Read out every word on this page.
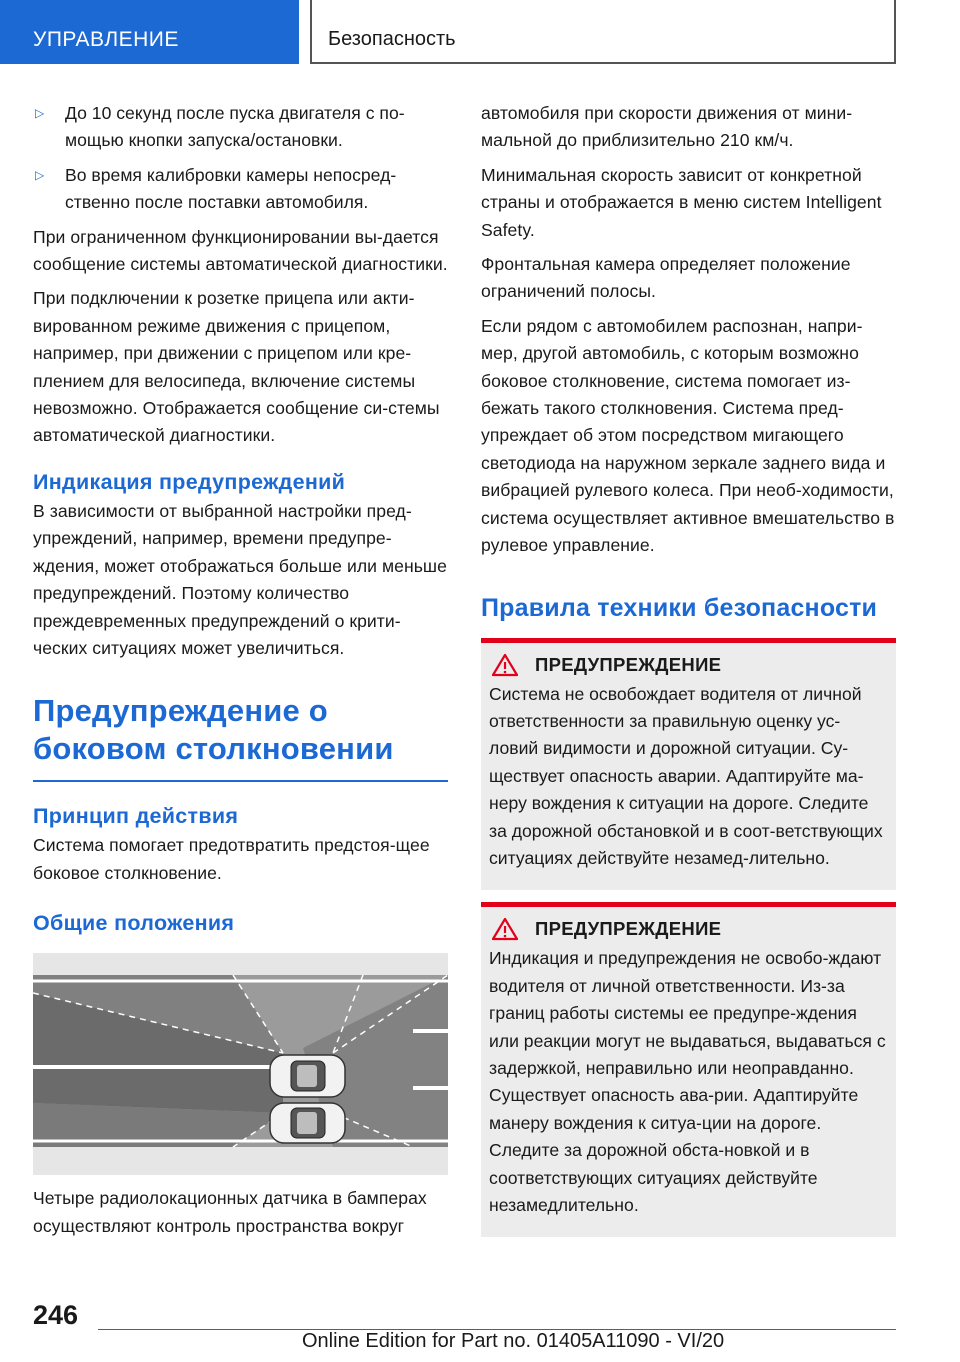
УПРАВЛЕНИЕ	Безопасность
▷ До 10 секунд после пуска двигателя с по-мощью кнопки запуска/остановки.
▷ Во время калибровки камеры непосред-ственно после поставки автомобиля.

При ограниченном функционировании вы-дается сообщение системы автоматической диагностики.

При подключении к розетке прицепа или акти-вированном режиме движения с прицепом, например, при движении с прицепом или кре-плением для велосипеда, включение системы невозможно. Отображается сообщение си-стемы автоматической диагностики.

Индикация предупреждений

В зависимости от выбранной настройки пред-упреждений, например, времени предупре-ждения, может отображаться больше или меньше предупреждений. Поэтому количество преждевременных предупреждений о крити-ческих ситуациях может увеличиться.

Предупреждение о
боковом столкновении
Принцип действия

Система помогает предотвратить предстоя-щее боковое столкновение.

Общие положения

Четыре радиолокационных датчика в бамперах осуществляют контроль пространства вокруг

автомобиля при скорости движения от мини-мальной до приблизительно 210 км/ч.

Минимальная скорость зависит от конкретной страны и отображается в меню систем Intelligent Safety.

Фронтальная камера определяет положение ограничений полосы.

Если рядом с автомобилем распознан, напри-мер, другой автомобиль, с которым возможно боковое столкновение, система помогает из-бежать такого столкновения. Система пред-упреждает об этом посредством мигающего светодиода на наружном зеркале заднего вида и вибрацией рулевого колеса. При необ-ходимости, система осуществляет активное вмешательство в рулевое управление.

Правила техники безопасности
ПРЕДУПРЕЖДЕНИЕ

Система не освобождает водителя от личной ответственности за правильную оценку ус-ловий видимости и дорожной ситуации. Су-ществует опасность аварии. Адаптируйте ма-неру вождения к ситуации на дороге. Следите за дорожной обстановкой и в соот-ветствующих ситуациях действуйте незамед-лительно.

ПРЕДУПРЕЖДЕНИЕ

Индикация и предупреждения не освобо-ждают водителя от личной ответственности. Из-за границ работы системы ее предупре-ждения или реакции могут не выдаваться, выдаваться с задержкой, неправильно или неоправданно. Существует опасность ава-рии. Адаптируйте манеру вождения к ситуа-ции на дороге. Следите за дорожной обста-новкой и в соответствующих ситуациях действуйте незамедлительно.

246
Online Edition for Part no. 01405A11090 - VI/20
